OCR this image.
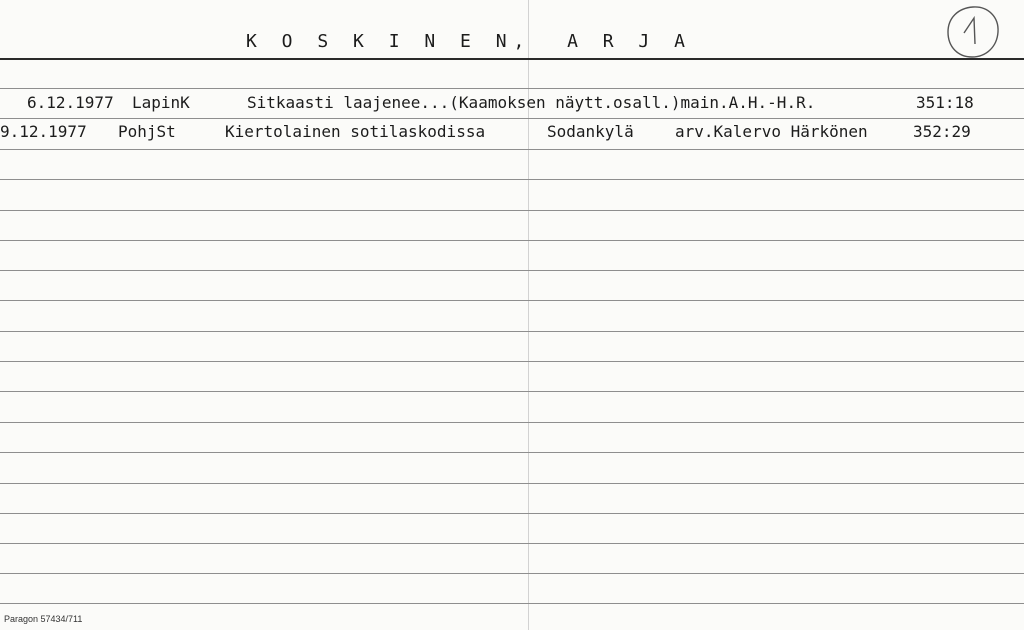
K O S K I N E N,  A R J A
6.12.1977 LapinK	Sitkaasti laajenee...(Kaamoksen näytt.osall.)main.A.H.-H.R.	351:18
9.12.1977 PohjSt	Kiertolainen sotilaskodissa	Sodankylä	arv.Kalervo Härkönen	352:29
Paragon 57434/711
